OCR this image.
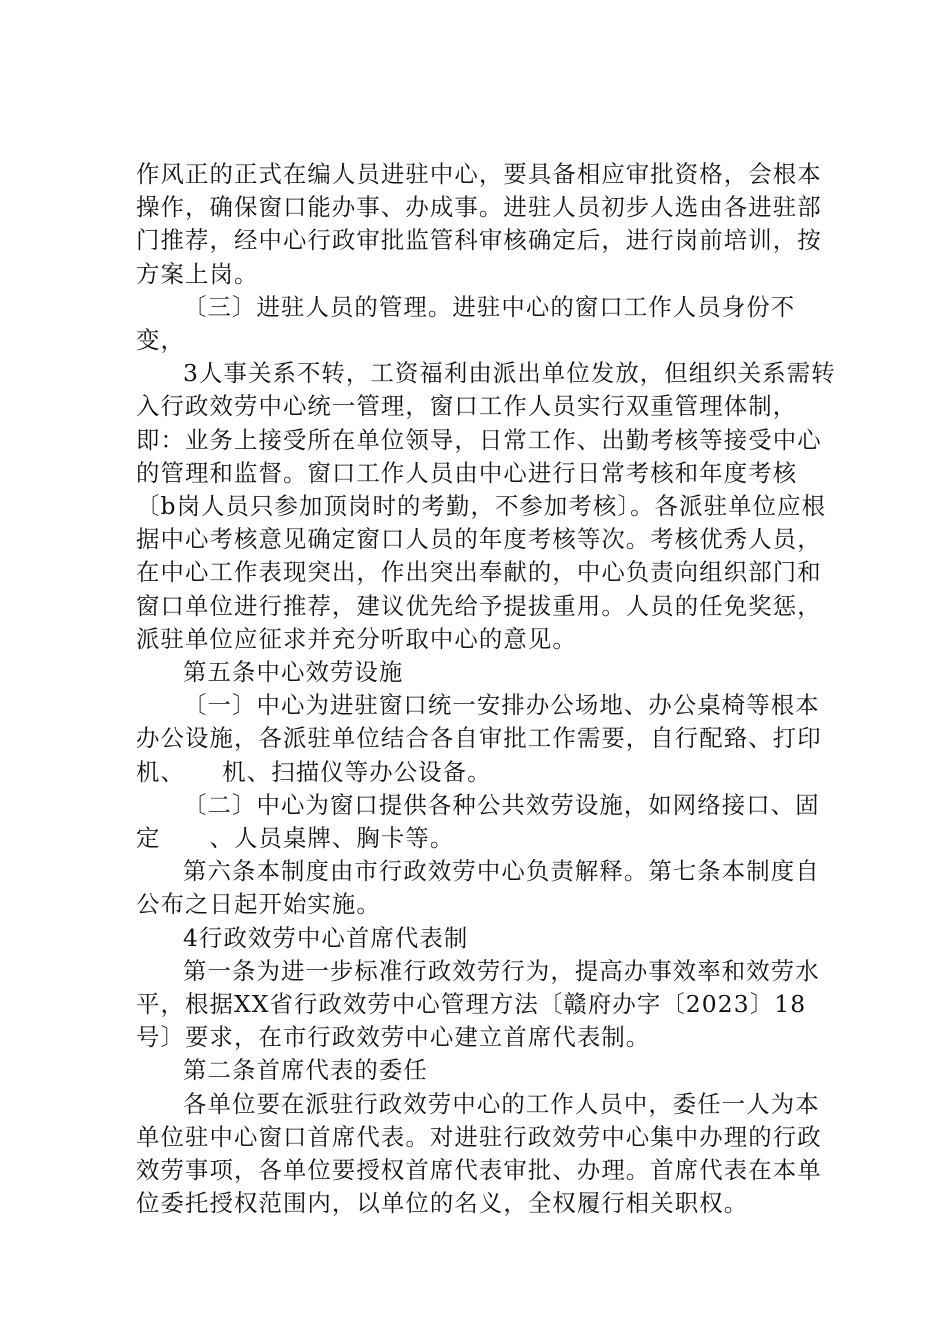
作风正的正式在编人员进驻中心，要具备相应审批资格，会根本操作，确保窗口能办事、办成事。进驻人员初步人选由各进驻部门推荐，经中心行政审批监管科审核确定后，进行岗前培训，按方案上岗。

〔三〕进驻人员的管理。进驻中心的窗口工作人员身份不变，

3人事关系不转，工资福利由派出单位发放，但组织关系需转入行政效劳中心统一管理，窗口工作人员实行双重管理体制，即：业务上接受所在单位领导，日常工作、出勤考核等接受中心的管理和监督。窗口工作人员由中心进行日常考核和年度考核〔b岗人员只参加顶岗时的考勤，不参加考核〕。各派驻单位应根据中心考核意见确定窗口人员的年度考核等次。考核优秀人员，在中心工作表现突出，作出突出奉献的，中心负责向组织部门和窗口单位进行推荐，建议优先给予提拔重用。人员的任免奖惩，派驻单位应征求并充分听取中心的意见。

第五条中心效劳设施

〔一〕中心为进驻窗口统一安排办公场地、办公桌椅等根本办公设施，各派驻单位结合各自审批工作需要，自行配臵、打印机、　　机、扫描仪等办公设备。

〔二〕中心为窗口提供各种公共效劳设施，如网络接口、固定　　、人员桌牌、胸卡等。

第六条本制度由市行政效劳中心负责解释。第七条本制度自公布之日起开始实施。

4行政效劳中心首席代表制

第一条为进一步标准行政效劳行为，提高办事效率和效劳水平，根据XX省行政效劳中心管理方法〔赣府办字〔2023〕18号〕要求，在市行政效劳中心建立首席代表制。

第二条首席代表的委任

各单位要在派驻行政效劳中心的工作人员中，委任一人为本单位驻中心窗口首席代表。对进驻行政效劳中心集中办理的行政效劳事项，各单位要授权首席代表审批、办理。首席代表在本单位委托授权范围内，以单位的名义，全权履行相关职权。
